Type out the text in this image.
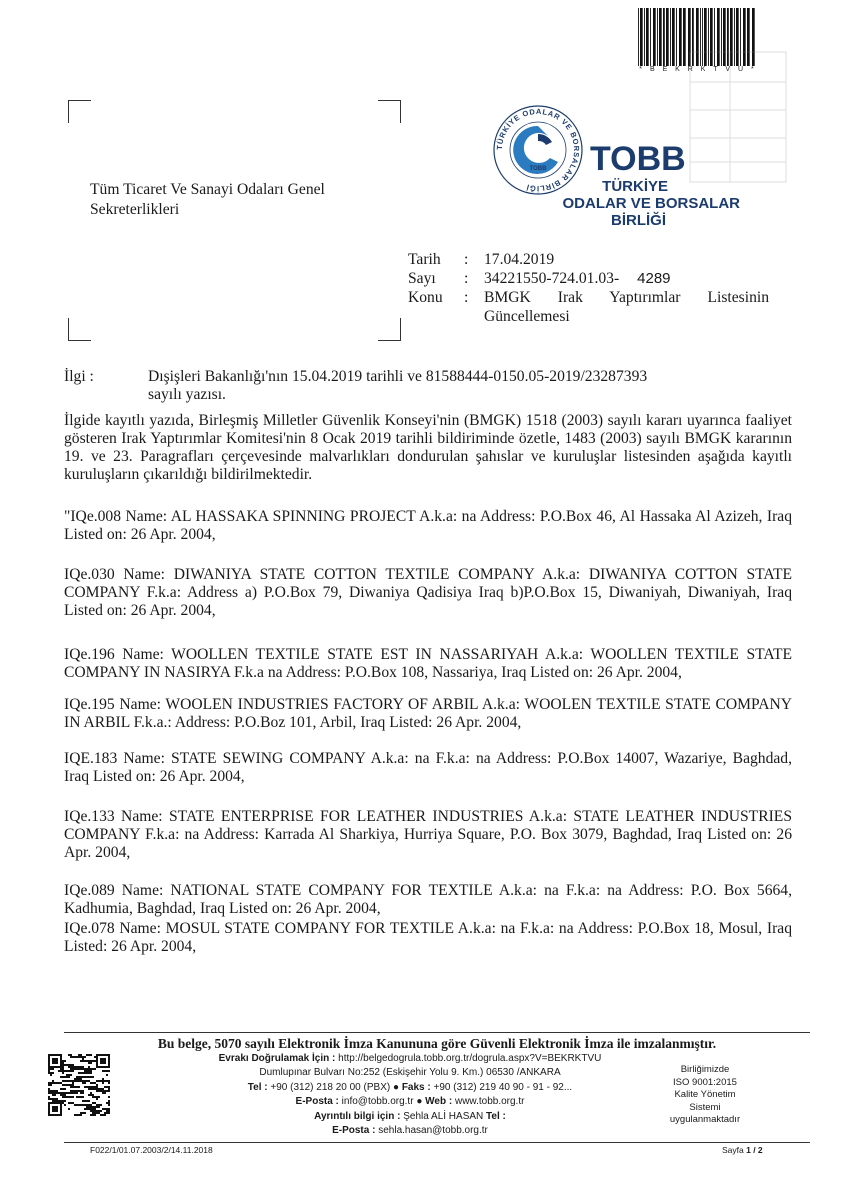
* B E K R K T V U *
Tüm Ticaret Ve Sanayi Odaları Genel
Sekreterlikleri
TÜRKİYE ODALAR VE BORSALAR BİRLİĞİ
TOBB TOBB
TÜRKİYE
ODALAR VE BORSALAR
BİRLİĞİ
Tarih	:	17.04.2019
Sayı	:	34221550-724.01.03- 4289
Konu	:	BMGK Irak Yaptırımlar Listesinin
Güncellemesi
İlgi :	Dışişleri Bakanlığı'nın 15.04.2019 tarihli ve 81588444-0150.05-2019/23287393
sayılı yazısı.
İlgide kayıtlı yazıda, Birleşmiş Milletler Güvenlik Konseyi'nin (BMGK) 1518 (2003) sayılı kararı uyarınca faaliyet gösteren Irak Yaptırımlar Komitesi'nin 8 Ocak 2019 tarihli bildiriminde özetle, 1483 (2003) sayılı BMGK kararının 19. ve 23. Paragrafları çerçevesinde malvarlıkları dondurulan şahıslar ve kuruluşlar listesinden aşağıda kayıtlı kuruluşların çıkarıldığı bildirilmektedir.
"IQe.008 Name: AL HASSAKA SPINNING PROJECT A.k.a: na Address: P.O.Box 46, Al Hassaka Al Azizeh, Iraq Listed on: 26 Apr. 2004,
IQe.030 Name: DIWANIYA STATE COTTON TEXTILE COMPANY A.k.a: DIWANIYA COTTON STATE COMPANY F.k.a: Address a) P.O.Box 79, Diwaniya Qadisiya Iraq b)P.O.Box 15, Diwaniyah, Diwaniyah, Iraq Listed on: 26 Apr. 2004,
IQe.196 Name: WOOLLEN TEXTILE STATE EST IN NASSARIYAH A.k.a: WOOLLEN TEXTILE STATE COMPANY IN NASIRYA F.k.a na Address: P.O.Box 108, Nassariya, Iraq Listed on: 26 Apr. 2004,
IQe.195 Name: WOOLEN INDUSTRIES FACTORY OF ARBIL A.k.a: WOOLEN TEXTILE STATE COMPANY IN ARBIL F.k.a.: Address: P.O.Boz 101, Arbil, Iraq Listed: 26 Apr. 2004,
IQE.183 Name: STATE SEWING COMPANY A.k.a: na F.k.a: na Address: P.O.Box 14007, Wazariye, Baghdad, Iraq Listed on: 26 Apr. 2004,
IQe.133 Name: STATE ENTERPRISE FOR LEATHER INDUSTRIES A.k.a: STATE LEATHER INDUSTRIES COMPANY F.k.a: na Address: Karrada Al Sharkiya, Hurriya Square, P.O. Box 3079, Baghdad, Iraq Listed on: 26 Apr. 2004,
IQe.089 Name: NATIONAL STATE COMPANY FOR TEXTILE A.k.a: na F.k.a: na Address: P.O. Box 5664, Kadhumia, Baghdad, Iraq Listed on: 26 Apr. 2004,
IQe.078 Name: MOSUL STATE COMPANY FOR TEXTILE A.k.a: na F.k.a: na Address: P.O.Box 18, Mosul, Iraq Listed: 26 Apr. 2004,
Bu belge, 5070 sayılı Elektronik İmza Kanununa göre Güvenli Elektronik İmza ile imzalanmıştır.
Evrakı Doğrulamak İçin : http://belgedogrula.tobb.org.tr/dogrula.aspx?V=BEKRKTVU
Dumlupınar Bulvarı No:252 (Eskişehir Yolu 9. Km.) 06530 /ANKARA
Tel : +90 (312) 218 20 00 (PBX) ● Faks : +90 (312) 219 40 90 - 91 - 92...
E-Posta : info@tobb.org.tr ● Web : www.tobb.org.tr
Ayrıntılı bilgi için : Şehla ALİ HASAN Tel :
E-Posta : sehla.hasan@tobb.org.tr
Birliğimizde
ISO 9001:2015
Kalite Yönetim
Sistemi
uygulanmaktadır
F022/1/01.07.2003/2/14.11.2018	Sayfa 1 / 2
